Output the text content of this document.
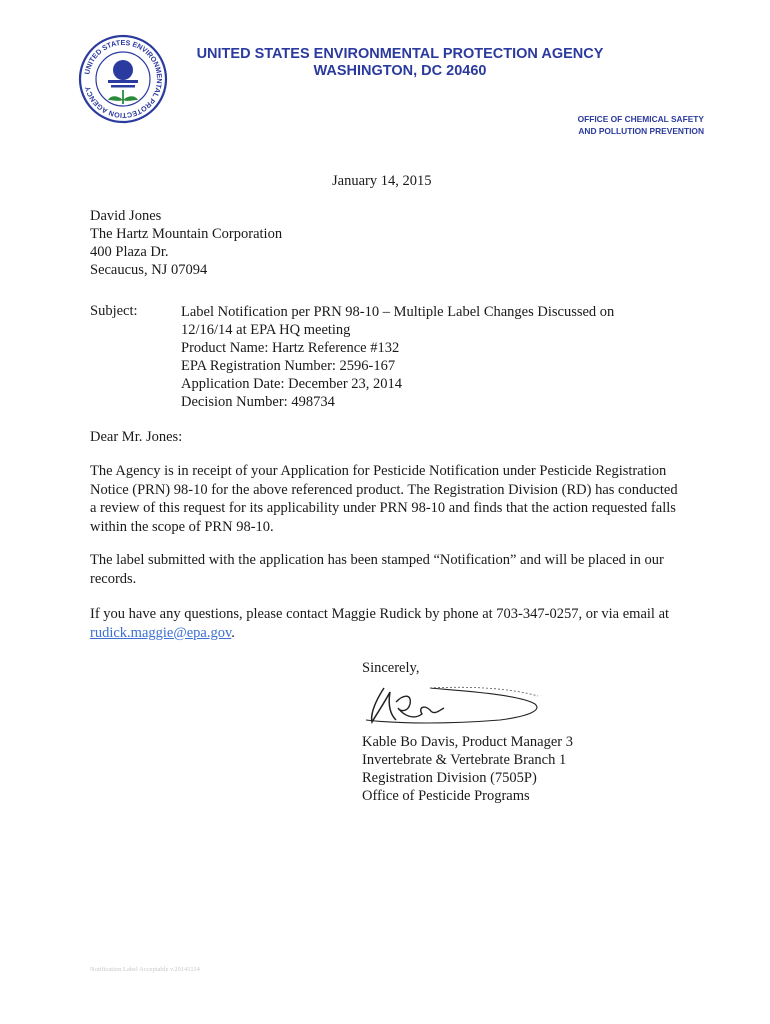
UNITED STATES ENVIRONMENTAL PROTECTION AGENCY
UNITED STATES ENVIRONMENTAL PROTECTION AGENCY
WASHINGTON, DC 20460
OFFICE OF CHEMICAL SAFETY
AND POLLUTION PREVENTION
January 14, 2015
David Jones
The Hartz Mountain Corporation
400 Plaza Dr.
Secaucus, NJ 07094
Subject:	Label Notification per PRN 98-10 – Multiple Label Changes Discussed on
12/16/14 at EPA HQ meeting
Product Name: Hartz Reference #132
EPA Registration Number: 2596-167
Application Date: December 23, 2014
Decision Number: 498734
Dear Mr. Jones:
The Agency is in receipt of your Application for Pesticide Notification under Pesticide Registration Notice (PRN) 98-10 for the above referenced product. The Registration Division (RD) has conducted a review of this request for its applicability under PRN 98-10 and finds that the action requested falls within the scope of PRN 98-10.
The label submitted with the application has been stamped “Notification” and will be placed in our records.
If you have any questions, please contact Maggie Rudick by phone at 703-347-0257, or via email at rudick.maggie@epa.gov.
Sincerely,
Kable Bo Davis, Product Manager 3
Invertebrate & Vertebrate Branch 1
Registration Division (7505P)
Office of Pesticide Programs
Notification Label Acceptable v.20141114
